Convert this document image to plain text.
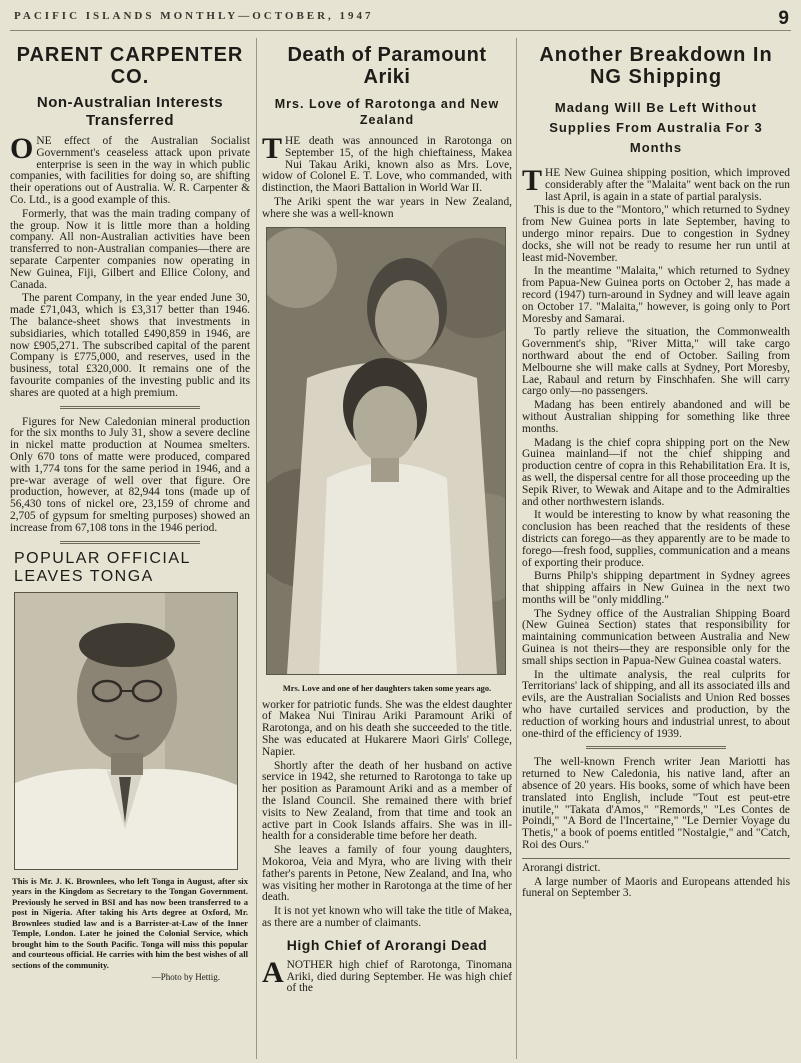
PACIFIC ISLANDS MONTHLY—OCTOBER, 1947	9
PARENT CARPENTER CO.
Non-Australian Interests Transferred

ONE effect of the Australian Socialist Government's ceaseless attack upon private enterprise is seen in the way in which public companies, with facilities for doing so, are shifting their operations out of Australia. W. R. Carpenter & Co. Ltd., is a good example of this.

Formerly, that was the main trading company of the group. Now it is little more than a holding company. All non-Australian activities have been transferred to non-Australian companies—there are separate Carpenter companies now operating in New Guinea, Fiji, Gilbert and Ellice Colony, and Canada.

The parent Company, in the year ended June 30, made £71,043, which is £3,317 better than 1946. The balance-sheet shows that investments in subsidiaries, which totalled £490,859 in 1946, are now £905,271. The subscribed capital of the parent Company is £775,000, and reserves, used in the business, total £320,000. It remains one of the favourite companies of the investing public and its shares are quoted at a high premium.

Figures for New Caledonian mineral production for the six months to July 31, show a severe decline in nickel matte production at Noumea smelters. Only 670 tons of matte were produced, compared with 1,774 tons for the same period in 1946, and a pre-war average of well over that figure. Ore production, however, at 82,944 tons (made up of 56,430 tons of nickel ore, 23,159 of chrome and 2,705 of gypsum for smelting purposes) showed an increase from 67,108 tons in the 1946 period.

POPULAR OFFICIAL LEAVES TONGA
This is Mr. J. K. Brownlees, who left Tonga in August, after six years in the Kingdom as Secretary to the Tongan Government. Previously he served in BSI and has now been transferred to a post in Nigeria. After taking his Arts degree at Oxford, Mr. Brownlees studied law and is a Barrister-at-Law of the Inner Temple, London. Later he joined the Colonial Service, which brought him to the South Pacific. Tonga will miss this popular and courteous official. He carries with him the best wishes of all sections of the community.
—Photo by Hettig.
Death of Paramount Ariki
Mrs. Love of Rarotonga and New Zealand

THE death was announced in Rarotonga on September 15, of the high chieftainess, Makea Nui Takau Ariki, known also as Mrs. Love, widow of Colonel E. T. Love, who commanded, with distinction, the Maori Battalion in World War II.

The Ariki spent the war years in New Zealand, where she was a well-known

Mrs. Love and one of her daughters taken some years ago.

worker for patriotic funds. She was the eldest daughter of Makea Nui Tinirau Ariki Paramount Ariki of Rarotonga, and on his death she succeeded to the title. She was educated at Hukarere Maori Girls' College, Napier.

Shortly after the death of her husband on active service in 1942, she returned to Rarotonga to take up her position as Paramount Ariki and as a member of the Island Council. She remained there with brief visits to New Zealand, from that time and took an active part in Cook Islands affairs. She was in ill-health for a considerable time before her death.

She leaves a family of four young daughters, Mokoroa, Veia and Myra, who are living with their father's parents in Petone, New Zealand, and Ina, who was visiting her mother in Rarotonga at the time of her death.

It is not yet known who will take the title of Makea, as there are a number of claimants.

High Chief of Arorangi Dead

ANOTHER high chief of Rarotonga, Tinomana Ariki, died during September. He was high chief of the

Another Breakdown In NG Shipping
Madang Will Be Left Without Supplies From Australia For 3 Months

THE New Guinea shipping position, which improved considerably after the "Malaita" went back on the run last April, is again in a state of partial paralysis.

This is due to the "Montoro," which returned to Sydney from New Guinea ports in late September, having to undergo minor repairs. Due to congestion in Sydney docks, she will not be ready to resume her run until at least mid-November.

In the meantime "Malaita," which returned to Sydney from Papua-New Guinea ports on October 2, has made a record (1947) turn-around in Sydney and will leave again on October 17. "Malaita," however, is going only to Port Moresby and Samarai.

To partly relieve the situation, the Commonwealth Government's ship, "River Mitta," will take cargo northward about the end of October. Sailing from Melbourne she will make calls at Sydney, Port Moresby, Lae, Rabaul and return by Finschhafen. She will carry cargo only—no passengers.

Madang has been entirely abandoned and will be without Australian shipping for something like three months.

Madang is the chief copra shipping port on the New Guinea mainland—if not the chief shipping and production centre of copra in this Rehabilitation Era. It is, as well, the dispersal centre for all those proceeding up the Sepik River, to Wewak and Aitape and to the Admiralties and other northwestern islands.

It would be interesting to know by what reasoning the conclusion has been reached that the residents of these districts can forego—as they apparently are to be made to forego—fresh food, supplies, communication and a means of exporting their produce.

Burns Philp's shipping department in Sydney agrees that shipping affairs in New Guinea in the next two months will be "only middling."

The Sydney office of the Australian Shipping Board (New Guinea Section) states that responsibility for maintaining communication between Australia and New Guinea is not theirs—they are responsible only for the small ships section in Papua-New Guinea coastal waters.

In the ultimate analysis, the real culprits for Territorians' lack of shipping, and all its associated ills and evils, are the Australian Socialists and Union Red bosses who have curtailed services and production, by the reduction of working hours and industrial unrest, to about one-third of the efficiency of 1939.

The well-known French writer Jean Mariotti has returned to New Caledonia, his native land, after an absence of 20 years. His books, some of which have been translated into English, include "Tout est peut-etre inutile," "Takata d'Amos," "Remords," "Les Contes de Poindi," "A Bord de l'Incertaine," "Le Dernier Voyage du Thetis," a book of poems entitled "Nostalgie," and "Catch, Roi des Ours."

Arorangi district.

A large number of Maoris and Europeans attended his funeral on September 3.
